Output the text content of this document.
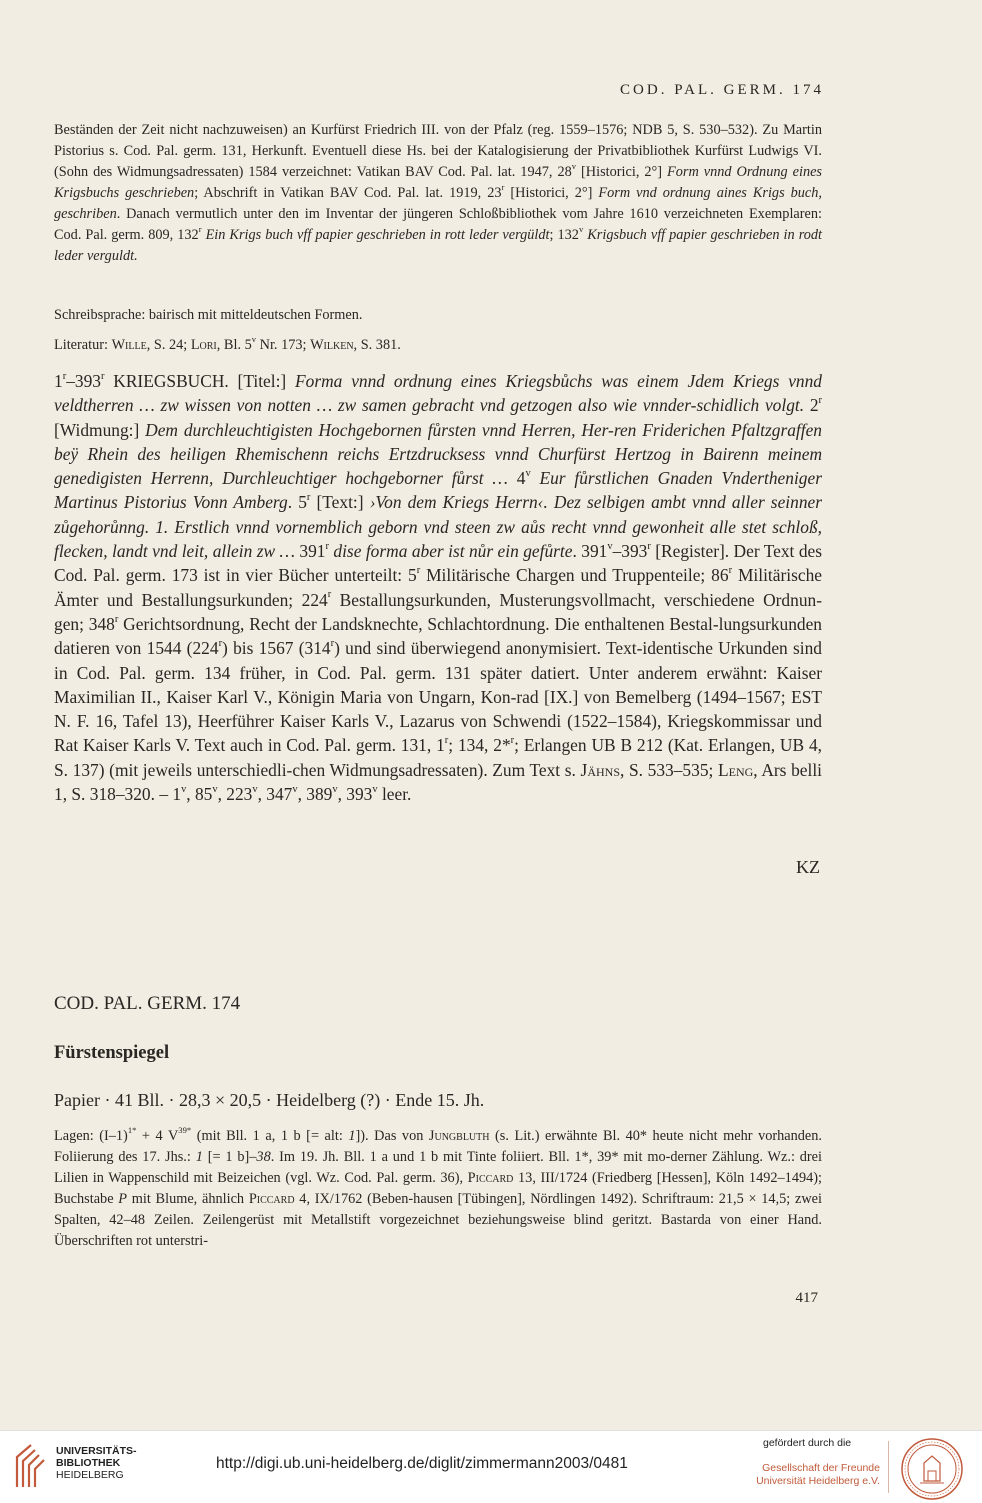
COD. PAL. GERM. 174

Beständen der Zeit nicht nachzuweisen) an Kurfürst Friedrich III. von der Pfalz (reg. 1559–1576; NDB 5, S. 530–532). Zu Martin Pistorius s. Cod. Pal. germ. 131, Herkunft. Eventuell diese Hs. bei der Katalogisierung der Privatbibliothek Kurfürst Ludwigs VI. (Sohn des Widmungsadressaten) 1584 verzeichnet: Vatikan BAV Cod. Pal. lat. 1947, 28$^v$ [Historici, 2°] Form vnnd Ordnung eines Krigsbuchs geschrieben; Abschrift in Vatikan BAV Cod. Pal. lat. 1919, 23$^r$ [Historici, 2°] Form vnd ordnung aines Krigs buch, geschriben. Danach vermutlich unter den im Inventar der jüngeren Schloßbibliothek vom Jahre 1610 verzeichneten Exemplaren: Cod. Pal. germ. 809, 132$^r$ Ein Krigs buch vff papier geschrieben in rott leder vergüldt; 132$^v$ Krigsbuch vff papier geschrieben in rodt leder verguldt.

Schreibsprache: bairisch mit mitteldeutschen Formen.

Literatur: Wille, S. 24; Lori, Bl. 5$^v$ Nr. 173; Wilken, S. 381.

1$^r$–393$^r$ KRIEGSBUCH. [Titel:] Forma vnnd ordnung eines Kriegsbůchs was einem Jdem Kriegs vnnd veldtherren … zw wissen von notten … zw samen gebracht vnd getzogen also wie vnnder-schidlich volgt. 2$^r$ [Widmung:] Dem durchleuchtigisten Hochgebornen fůrsten vnnd Herren, Her-ren Friderichen Pfaltzgraffen beÿ Rhein des heiligen Rhemischenn reichs Ertzdrucksess vnnd Churfürst Hertzog in Bairenn meinem genedigisten Herrenn, Durchleuchtiger hochgeborner fůrst … 4$^v$ Eur fůrstlichen Gnaden Vndertheniger Martinus Pistorius Vonn Amberg. 5$^r$ [Text:] ›Von dem Kriegs Herrn‹. Dez selbigen ambt vnnd aller seinner zůgehorůnng. 1. Erstlich vnnd vornemblich geborn vnd steen zw aůs recht vnnd gewonheit alle stet schloß, flecken, landt vnd leit, allein zw … 391$^r$ dise forma aber ist nůr ein gefůrte. 391$^v$–393$^r$ [Register]. Der Text des Cod. Pal. germ. 173 ist in vier Bücher unterteilt: 5$^r$ Militärische Chargen und Truppenteile; 86$^r$ Militärische Ämter und Bestallungsurkunden; 224$^r$ Bestallungsurkunden, Musterungsvollmacht, verschiedene Ordnun-gen; 348$^r$ Gerichtsordnung, Recht der Landsknechte, Schlachtordnung. Die enthaltenen Bestal-lungsurkunden datieren von 1544 (224$^r$) bis 1567 (314$^r$) und sind überwiegend anonymisiert. Text-identische Urkunden sind in Cod. Pal. germ. 134 früher, in Cod. Pal. germ. 131 später datiert. Unter anderem erwähnt: Kaiser Maximilian II., Kaiser Karl V., Königin Maria von Ungarn, Kon-rad [IX.] von Bemelberg (1494–1567; EST N. F. 16, Tafel 13), Heerführer Kaiser Karls V., Lazarus von Schwendi (1522–1584), Kriegskommissar und Rat Kaiser Karls V. Text auch in Cod. Pal. germ. 131, 1$^r$; 134, 2*$^r$; Erlangen UB B 212 (Kat. Erlangen, UB 4, S. 137) (mit jeweils unterschiedli-chen Widmungsadressaten). Zum Text s. Jähns, S. 533–535; Leng, Ars belli 1, S. 318–320. – 1$^v$, 85$^v$, 223$^v$, 347$^v$, 389$^v$, 393$^v$ leer.

KZ
COD. PAL. GERM. 174
Fürstenspiegel
Papier · 41 Bll. · 28,3 × 20,5 · Heidelberg (?) · Ende 15. Jh.

Lagen: $(I-1)^{1*} + 4$ $V^{39*}$ (mit Bll. 1 a, 1 b [= alt: 1]). Das von Jungbluth (s. Lit.) erwähnte Bl. 40* heute nicht mehr vorhanden. Foliierung des 17. Jhs.: 1 [= 1 b]–38. Im 19. Jh. Bll. 1 a und 1 b mit Tinte foliiert. Bll. 1*, 39* mit mo-derner Zählung. Wz.: drei Lilien in Wappenschild mit Beizeichen (vgl. Wz. Cod. Pal. germ. 36), Piccard 13, III/1724 (Friedberg [Hessen], Köln 1492–1494); Buchstabe P mit Blume, ähnlich Piccard 4, IX/1762 (Beben-hausen [Tübingen], Nördlingen 1492). Schriftraum: 21,5 × 14,5; zwei Spalten, 42–48 Zeilen. Zeilengerüst mit Metallstift vorgezeichnet beziehungsweise blind geritzt. Bastarda von einer Hand. Überschriften rot unterstri-

417
UNIVERSITÄTS-
BIBLIOTHEK
HEIDELBERG
http://digi.ub.uni-heidelberg.de/diglit/zimmermann2003/0481
gefördert durch die
Gesellschaft der Freunde
Universität Heidelberg e.V.
